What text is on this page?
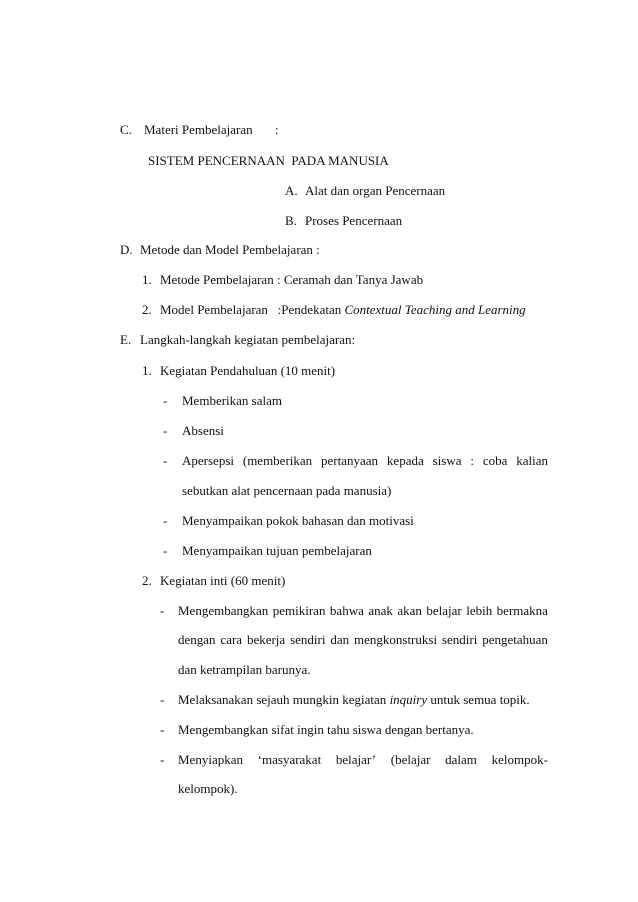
C. Materi Pembelajaran :
SISTEM PENCERNAAN  PADA MANUSIA
A. Alat dan organ Pencernaan
B. Proses Pencernaan
D. Metode dan Model Pembelajaran :
1. Metode Pembelajaran : Ceramah dan Tanya Jawab
2. Model Pembelajaran   :Pendekatan Contextual Teaching and Learning
E. Langkah-langkah kegiatan pembelajaran:
1. Kegiatan Pendahuluan (10 menit)
- Memberikan salam
- Absensi
- Apersepsi (memberikan pertanyaan kepada siswa : coba kalian
sebutkan alat pencernaan pada manusia)
- Menyampaikan pokok bahasan dan motivasi
- Menyampaikan tujuan pembelajaran
2. Kegiatan inti (60 menit)
- Mengembangkan pemikiran bahwa anak akan belajar lebih bermakna
dengan cara bekerja sendiri dan mengkonstruksi sendiri pengetahuan
dan ketrampilan barunya.
- Melaksanakan sejauh mungkin kegiatan inquiry untuk semua topik.
- Mengembangkan sifat ingin tahu siswa dengan bertanya.
- Menyiapkan ‘masyarakat belajar’ (belajar dalam kelompok-
kelompok).
